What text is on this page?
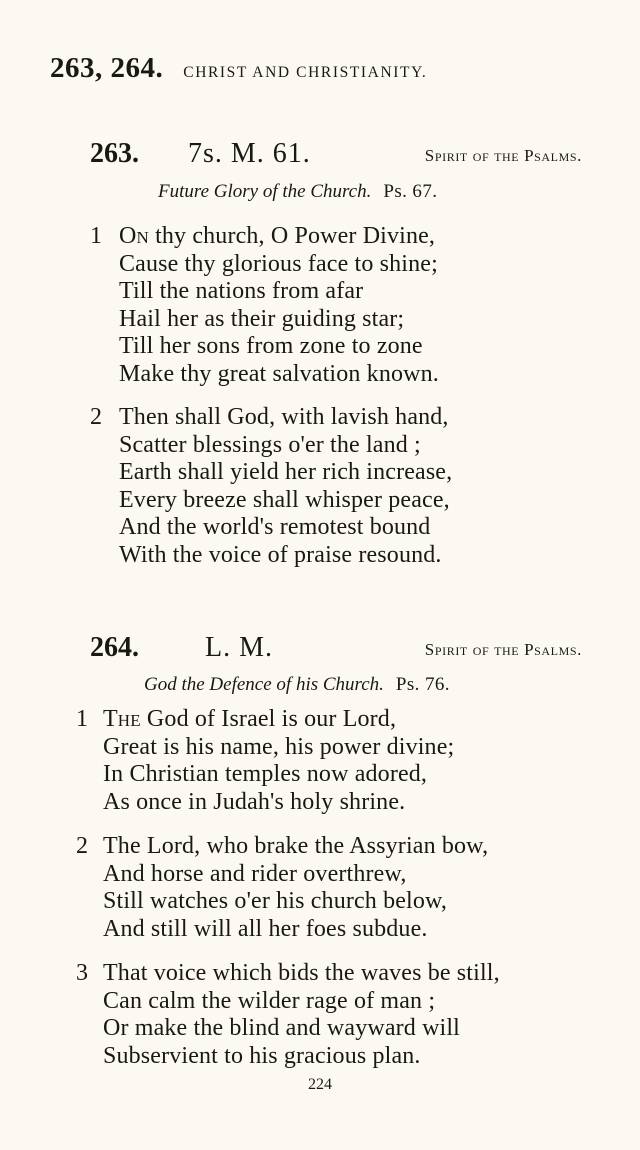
263, 264. CHRIST AND CHRISTIANITY.
263. 7s. M. 61.	Spirit of the Psalms.
Future Glory of the Church. Ps. 67.
1 On thy church, O Power Divine,
Cause thy glorious face to shine;
Till the nations from afar
Hail her as their guiding star;
Till her sons from zone to zone
Make thy great salvation known.
2 Then shall God, with lavish hand,
Scatter blessings o'er the land ;
Earth shall yield her rich increase,
Every breeze shall whisper peace,
And the world's remotest bound
With the voice of praise resound.
264. L. M.	Spirit of the Psalms.
God the Defence of his Church. Ps. 76.
1 The God of Israel is our Lord,
Great is his name, his power divine;
In Christian temples now adored,
As once in Judah's holy shrine.
2 The Lord, who brake the Assyrian bow,
And horse and rider overthrew,
Still watches o'er his church below,
And still will all her foes subdue.
3 That voice which bids the waves be still,
Can calm the wilder rage of man ;
Or make the blind and wayward will
Subservient to his gracious plan.
224
